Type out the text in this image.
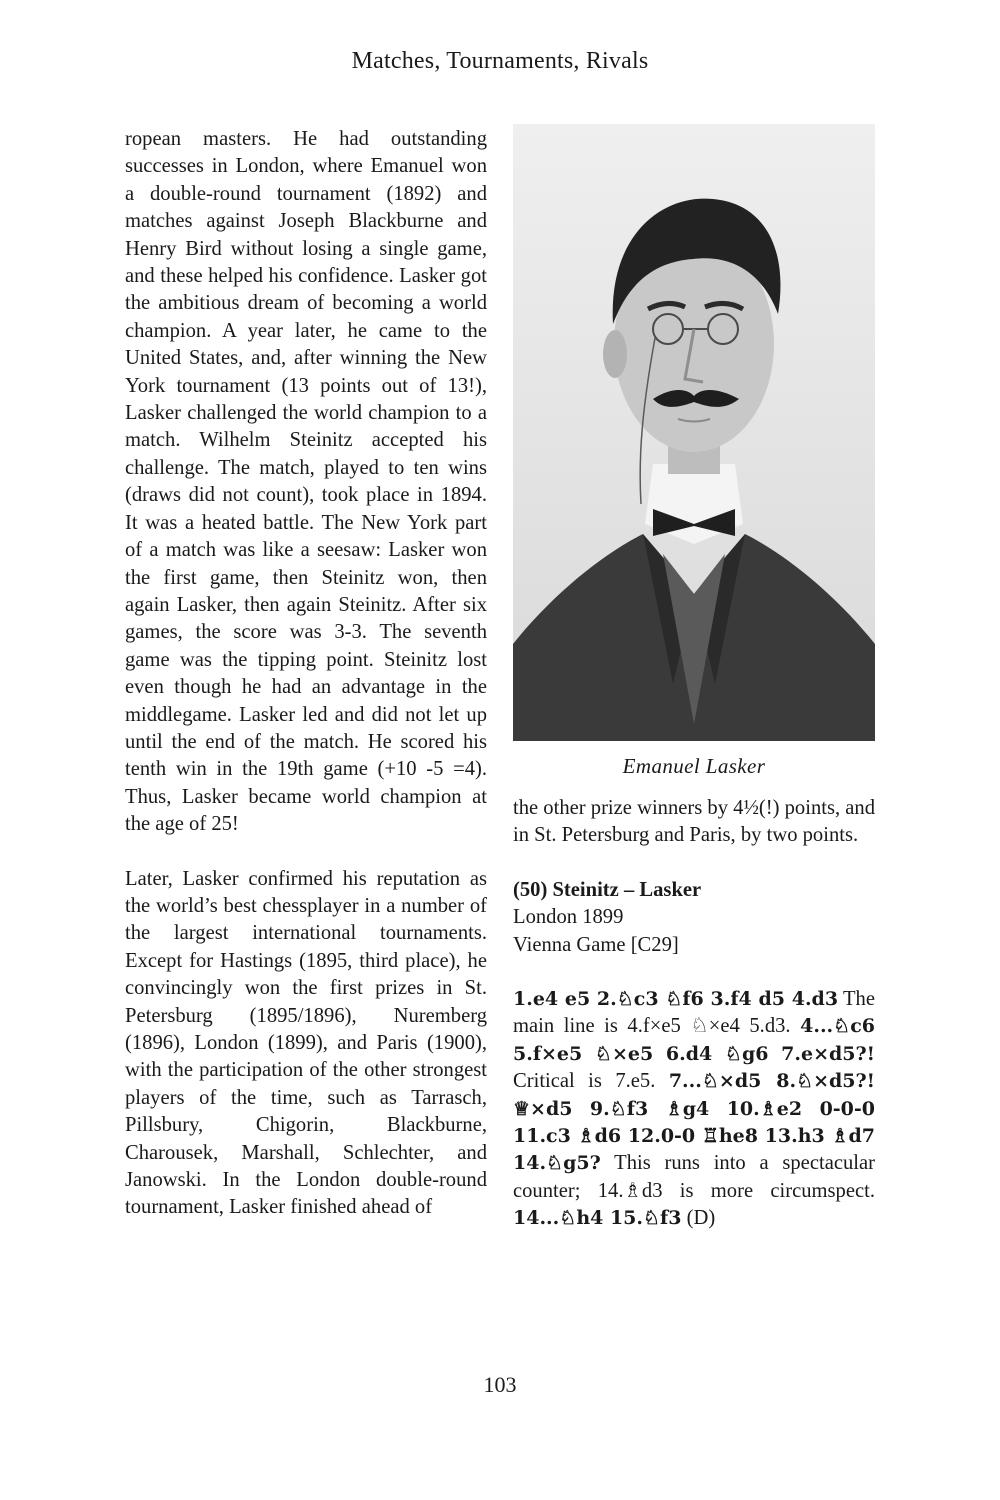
Matches, Tournaments, Rivals

ropean masters. He had outstanding successes in London, where Emanuel won a double-round tournament (1892) and matches against Joseph Blackburne and Henry Bird without losing a single game, and these helped his confidence. Lasker got the ambitious dream of becoming a world champion. A year later, he came to the United States, and, after winning the New York tournament (13 points out of 13!), Lasker challenged the world champion to a match. Wilhelm Steinitz accepted his challenge. The match, played to ten wins (draws did not count), took place in 1894. It was a heated battle. The New York part of a match was like a seesaw: Lasker won the first game, then Steinitz won, then again Lasker, then again Steinitz. After six games, the score was 3-3. The seventh game was the tipping point. Steinitz lost even though he had an advantage in the middlegame. Lasker led and did not let up until the end of the match. He scored his tenth win in the 19th game (+10 -5 =4). Thus, Lasker became world champion at the age of 25!

Later, Lasker confirmed his reputation as the world’s best chessplayer in a number of the largest international tournaments. Except for Hastings (1895, third place), he convincingly won the first prizes in St. Petersburg (1895/1896), Nuremberg (1896), London (1899), and Paris (1900), with the participation of the other strongest players of the time, such as Tarrasch, Pillsbury, Chigorin, Blackburne, Charousek, Marshall, Schlechter, and Janowski. In the London double-round tournament, Lasker finished ahead of

Emanuel Lasker

the other prize winners by 4½(!) points, and in St. Petersburg and Paris, by two points.

(50) Steinitz – Lasker

London 1899

Vienna Game [C29]

1.e4 e5 2.♘c3 ♘f6 3.f4 d5 4.d3 The main line is 4.f×e5 ♘×e4 5.d3. 4...♘c6 5.f×e5 ♘×e5 6.d4 ♘g6 7.e×d5?! Critical is 7.e5. 7...♘×d5 8.♘×d5?! ♕×d5 9.♘f3 ♗g4 10.♗e2 0-0-0 11.c3 ♗d6 12.0-0 ♖he8 13.h3 ♗d7 14.♘g5? This runs into a spectacular counter; 14.♗d3 is more circumspect. 14...♘h4 15.♘f3 (D)

103
